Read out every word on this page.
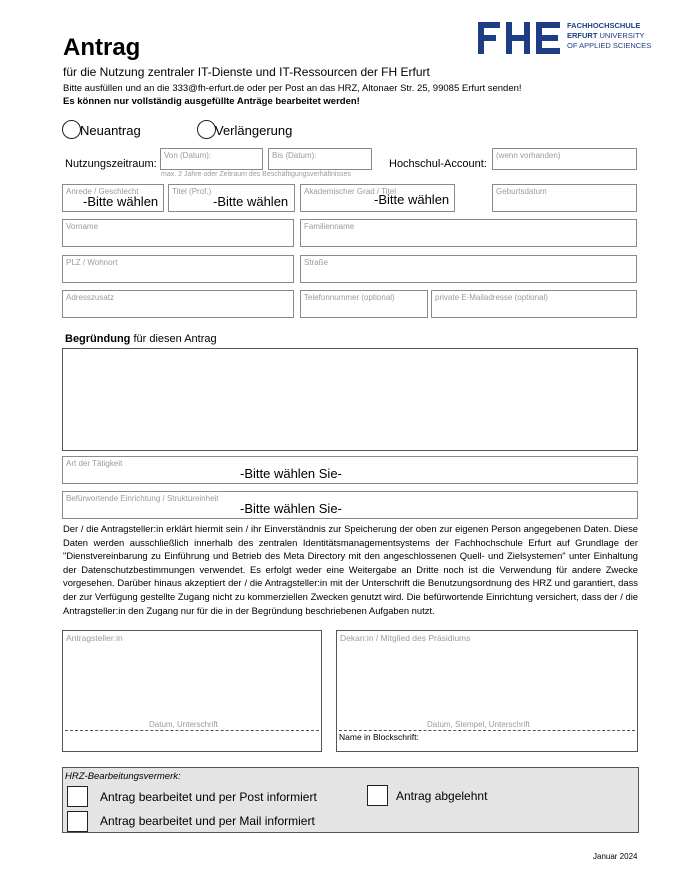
Antrag
für die Nutzung zentraler IT-Dienste und IT-Ressourcen der FH Erfurt
Bitte ausfüllen und an die 333@fh-erfurt.de oder per Post an das HRZ, Altonaer Str. 25, 99085 Erfurt senden!
Es können nur vollständig ausgefüllte Anträge bearbeitet werden!
FACHHOCHSCHULE
ERFURT UNIVERSITY
OF APPLIED SCIENCES
Neuantrag	Verlängerung
Nutzungszeitraum:
Von (Datum):	Bis (Datum):
max. 2 Jahre oder Zeitraum des Beschäftigungsverhältnisses
Hochschul-Account:
(wenn vorhanden)
Anrede / Geschlecht
-Bitte wählen
Titel (Prof.)
-Bitte wählen
Akademischer Grad / Titel
-Bitte wählen
Geburtsdatum
Vorname	Familienname
PLZ / Wohnort	Straße
Adresszusatz	Telefonnummer (optional)	private E-Mailadresse (optional)
Begründung für diesen Antrag
Art der Tätigkeit
-Bitte wählen Sie-
Befürwortende Einrichtung / Struktureinheit
-Bitte wählen Sie-
Der / die Antragsteller:in erklärt hiermit sein / ihr Einverständnis zur Speicherung der oben zur eigenen Person angegebenen Daten. Diese Daten werden ausschließlich innerhalb des zentralen Identitätsmanagementsystems der Fachhochschule Erfurt auf Grundlage der "Dienstvereinbarung zu Einführung und Betrieb des Meta Directory mit den angeschlossenen Quell- und Zielsystemen" unter Einhaltung der Datenschutzbestimmungen verwendet. Es erfolgt weder eine Weitergabe an Dritte noch ist die Verwendung für andere Zwecke vorgesehen. Darüber hinaus akzeptiert der / die Antragsteller:in mit der Unterschrift die Benutzungsordnung des HRZ und garantiert, dass der zur Verfügung gestellte Zugang nicht zu kommerziellen Zwecken genutzt wird. Die befürwortende Einrichtung versichert, dass der / die Antragsteller:in den Zugang nur für die in der Begründung beschriebenen Aufgaben nutzt.
Antragsteller:in
Datum, Unterschrift
Dekan:in / Mitglied des Präsidiums
Datum, Stempel, Unterschrift
Name in Blockschrift:
HRZ-Bearbeitungsvermerk:
Antrag bearbeitet und per Post informiert	Antrag abgelehnt
Antrag bearbeitet und per Mail informiert
Januar 2024
